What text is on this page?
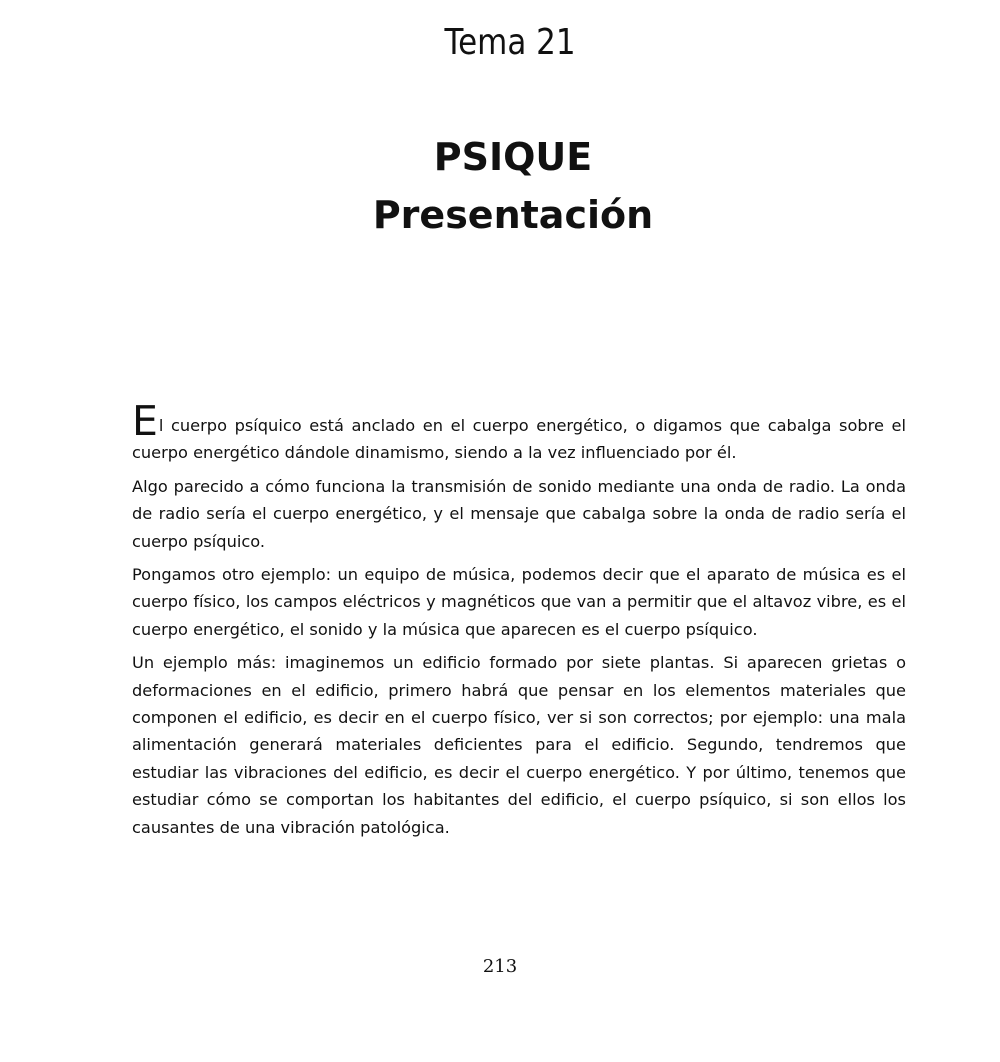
Tema 21
PSIQUE
Presentación

El cuerpo psíquico está anclado en el cuerpo energético, o digamos que cabalga sobre el cuerpo energético dándole dinamismo, siendo a la vez influenciado por él.

Algo parecido a cómo funciona la transmisión de sonido mediante una onda de radio. La onda de radio sería el cuerpo energético, y el mensaje que cabalga sobre la onda de radio sería el cuerpo psíquico.

Pongamos otro ejemplo: un equipo de música, podemos decir que el aparato de música es el cuerpo físico, los campos eléctricos y magnéticos que van a permitir que el altavoz vibre, es el cuerpo energético, el sonido y la música que aparecen es el cuerpo psíquico.

Un ejemplo más: imaginemos un edificio formado por siete plantas. Si aparecen grietas o deformaciones en el edificio, primero habrá que pensar en los elementos materiales que componen el edificio, es decir en el cuerpo físico, ver si son correctos; por ejemplo: una mala alimentación generará materiales deficientes para el edificio. Segundo, tendremos que estudiar las vibraciones del edificio, es decir el cuerpo energético. Y por último, tenemos que estudiar cómo se comportan los habitantes del edificio, el cuerpo psíquico, si son ellos los causantes de una vibración patológica.

213
